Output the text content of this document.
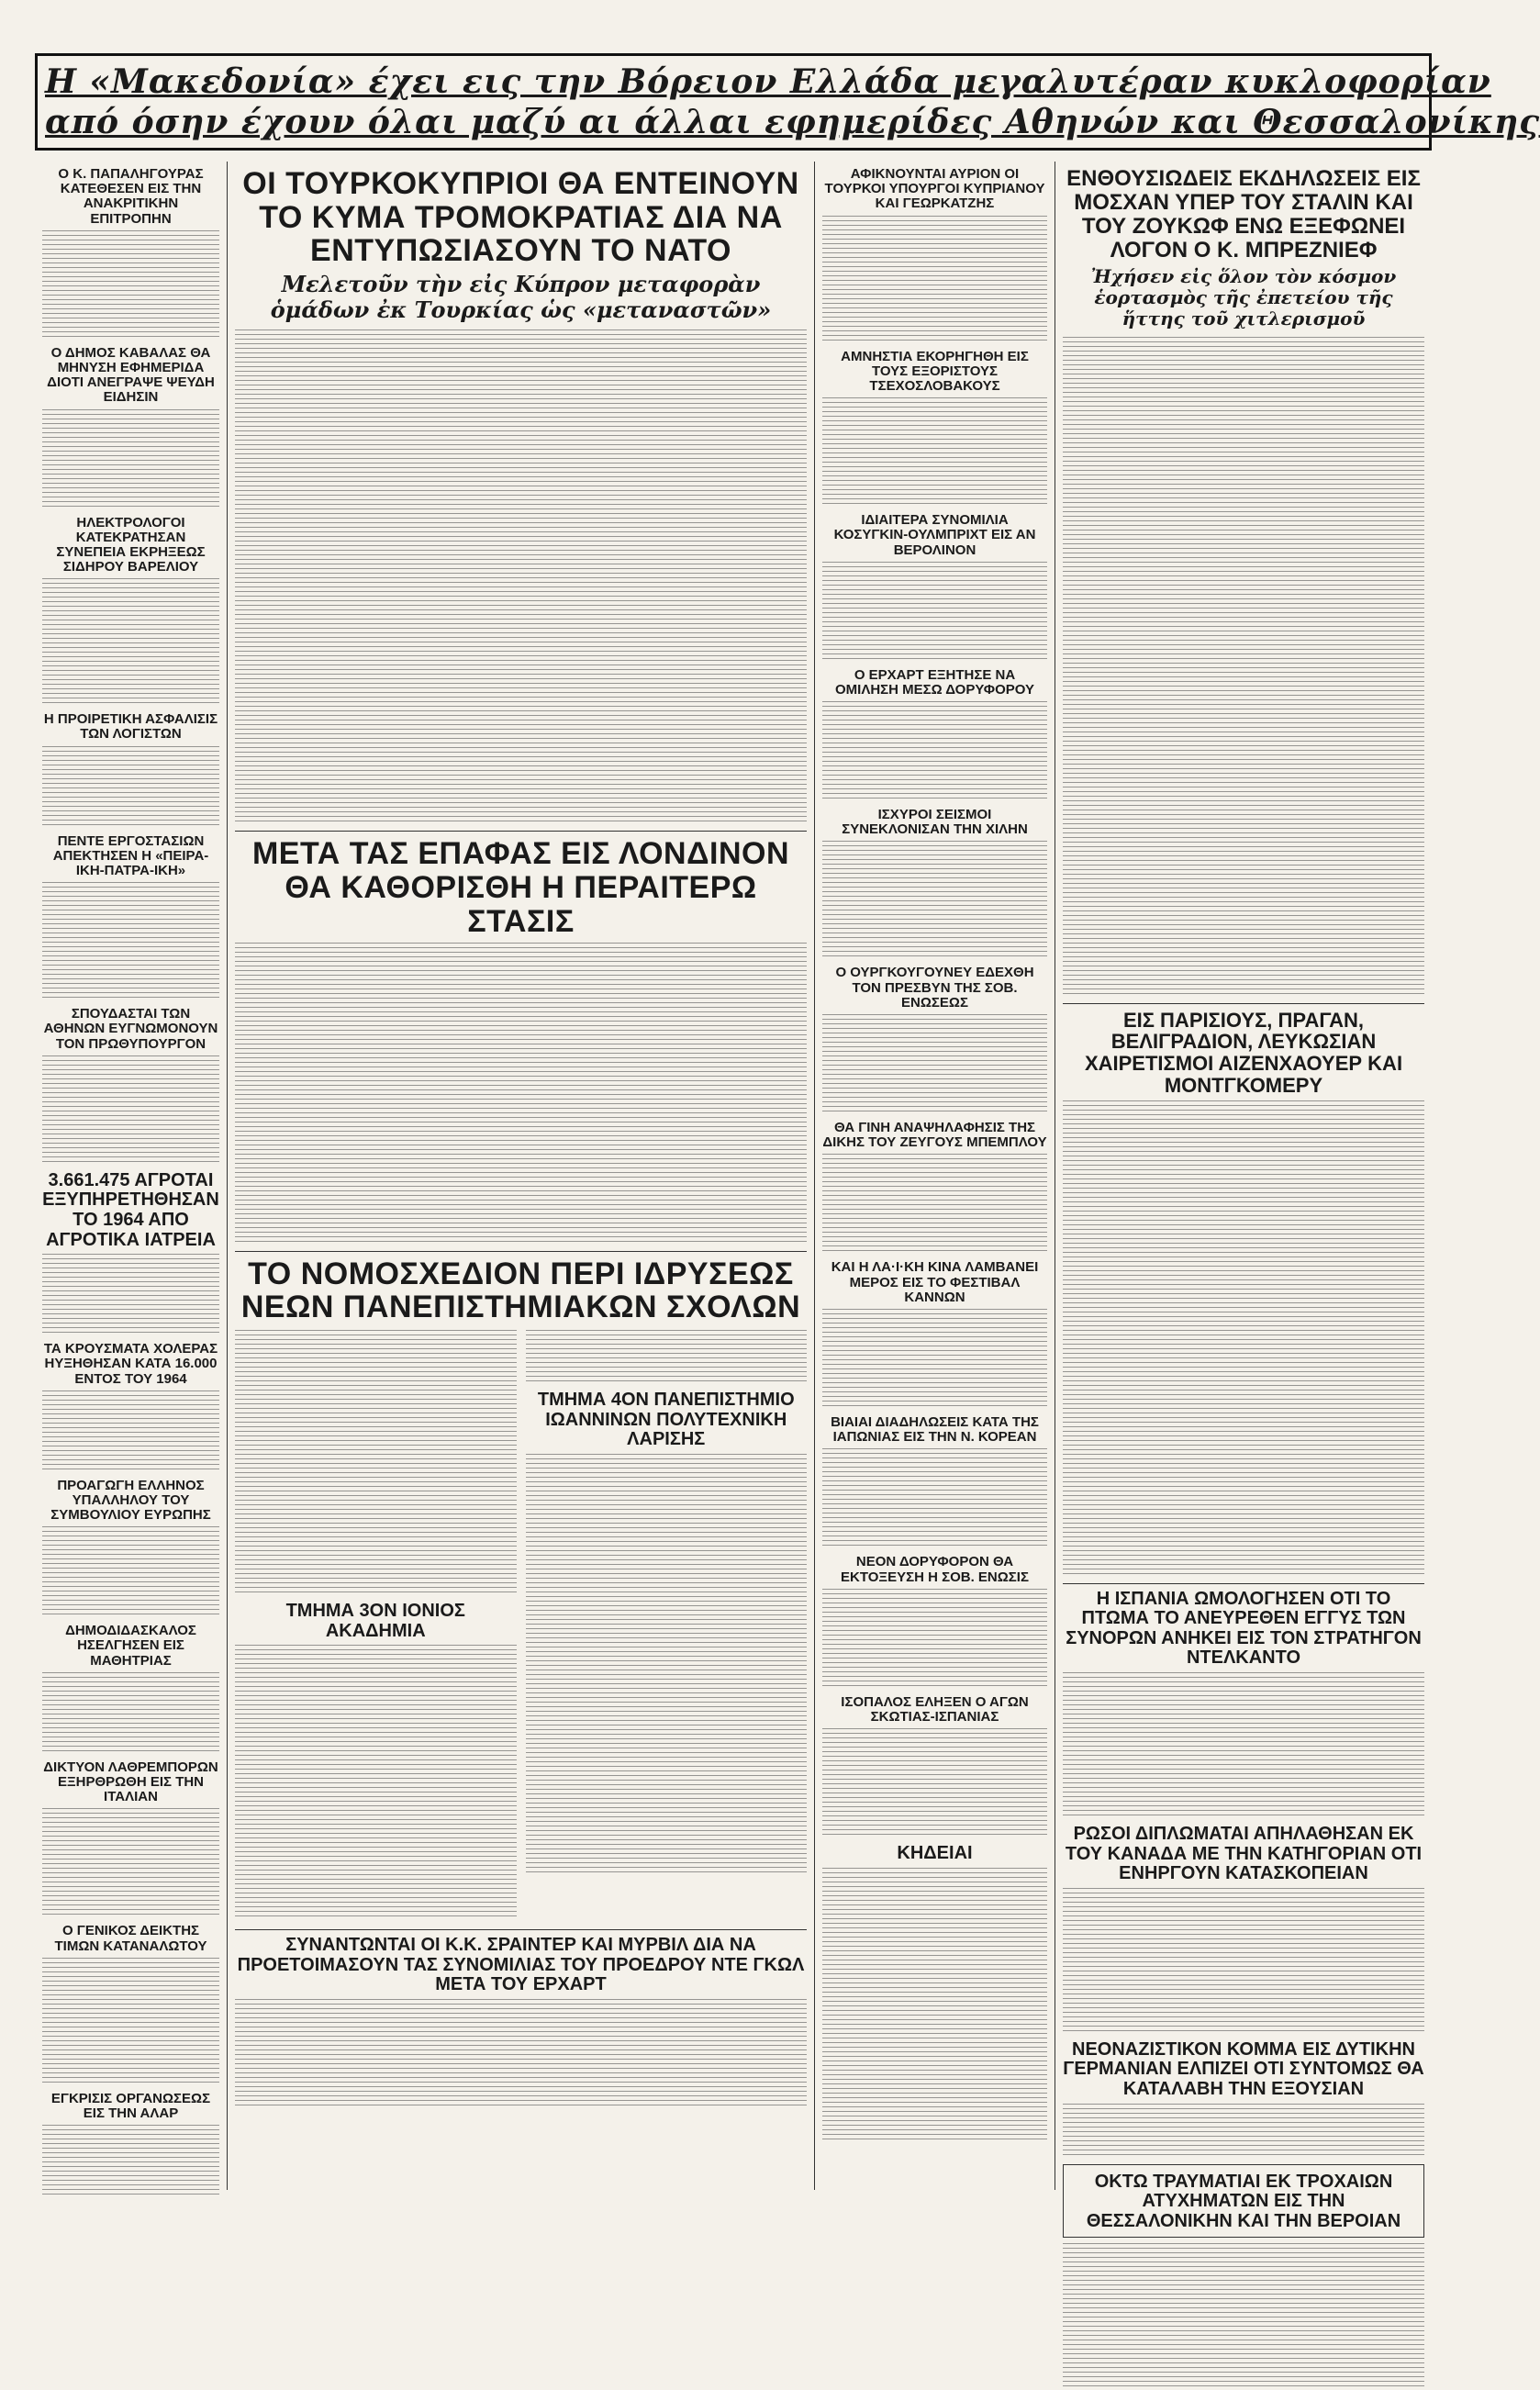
Η «Μακεδονία» έχει εις την Βόρειον Ελλάδα μεγαλυτέραν κυκλοφορίαν
από όσην έχουν όλαι μαζύ αι άλλαι εφημερίδες Αθηνών και Θεσσαλονίκης
Ο Κ. ΠΑΠΑΛΗΓΟΥΡΑΣ ΚΑΤΕΘΕΣΕΝ ΕΙΣ ΤΗΝ ΑΝΑΚΡΙΤΙΚΗΝ ΕΠΙΤΡΟΠΗΝ
Ο ΔΗΜΟΣ ΚΑΒΑΛΑΣ ΘΑ ΜΗΝΥΣΗ ΕΦΗΜΕΡΙΔΑ ΔΙΟΤΙ ΑΝΕΓΡΑΨΕ ΨΕΥΔΗ ΕΙΔΗΣΙΝ
ΗΛΕΚΤΡΟΛΟΓΟΙ ΚΑΤΕΚΡΑΤΗΣΑΝ ΣΥΝΕΠΕΙΑ ΕΚΡΗΞΕΩΣ ΣΙΔΗΡΟΥ ΒΑΡΕΛΙΟΥ
Η ΠΡΟΙΡΕΤΙΚΗ ΑΣΦΑΛΙΣΙΣ ΤΩΝ ΛΟΓΙΣΤΩΝ
ΠΕΝΤΕ ΕΡΓΟΣΤΑΣΙΩΝ ΑΠΕΚΤΗΣΕΝ Η «ΠΕΙΡΑ-ΙΚΗ-ΠΑΤΡΑ-ΙΚΗ»
ΣΠΟΥΔΑΣΤΑΙ ΤΩΝ ΑΘΗΝΩΝ ΕΥΓΝΩΜΟΝΟΥΝ ΤΟΝ ΠΡΩΘΥΠΟΥΡΓΟΝ
3.661.475 ΑΓΡΟΤΑΙ ΕΞΥΠΗΡΕΤΗΘΗΣΑΝ ΤΟ 1964 ΑΠΟ ΑΓΡΟΤΙΚΑ ΙΑΤΡΕΙΑ
ΤΑ ΚΡΟΥΣΜΑΤΑ ΧΟΛΕΡΑΣ ΗΥΞΗΘΗΣΑΝ ΚΑΤΑ 16.000 ΕΝΤΟΣ ΤΟΥ 1964
ΠΡΟΑΓΩΓΗ ΕΛΛΗΝΟΣ ΥΠΑΛΛΗΛΟΥ ΤΟΥ ΣΥΜΒΟΥΛΙΟΥ ΕΥΡΩΠΗΣ
ΔΗΜΟΔΙΔΑΣΚΑΛΟΣ ΗΣΕΛΓΗΣΕΝ ΕΙΣ ΜΑΘΗΤΡΙΑΣ
ΔΙΚΤΥΟΝ ΛΑΘΡΕΜΠΟΡΩΝ ΕΞΗΡΘΡΩΘΗ ΕΙΣ ΤΗΝ ΙΤΑΛΙΑΝ
Ο ΓΕΝΙΚΟΣ ΔΕΙΚΤΗΣ ΤΙΜΩΝ ΚΑΤΑΝΑΛΩΤΟΥ
ΕΓΚΡΙΣΙΣ ΟΡΓΑΝΩΣΕΩΣ ΕΙΣ ΤΗΝ ΑΛΑΡ
ΟΙ ΤΟΥΡΚΟΚΥΠΡΙΟΙ ΘΑ ΕΝΤΕΙΝΟΥΝ ΤΟ ΚΥΜΑ ΤΡΟΜΟΚΡΑΤΙΑΣ ΔΙΑ ΝΑ ΕΝΤΥΠΩΣΙΑΣΟΥΝ ΤΟ ΝΑΤΟ
Μελετοῦν τὴν εἰς Κύπρον μεταφορὰν ὁμάδων ἐκ Τουρκίας ὡς «μεταναστῶν»
ΜΕΤΑ ΤΑΣ ΕΠΑΦΑΣ ΕΙΣ ΛΟΝΔΙΝΟΝ ΘΑ ΚΑΘΟΡΙΣΘΗ Η ΠΕΡΑΙΤΕΡΩ ΣΤΑΣΙΣ
ΤΟ ΝΟΜΟΣΧΕΔΙΟΝ ΠΕΡΙ ΙΔΡΥΣΕΩΣ ΝΕΩΝ ΠΑΝΕΠΙΣΤΗΜΙΑΚΩΝ ΣΧΟΛΩΝ
ΤΜΗΜΑ 3ΟΝ ΙΟΝΙΟΣ ΑΚΑΔΗΜΙΑ
ΤΜΗΜΑ 4ΟΝ ΠΑΝΕΠΙΣΤΗΜΙΟ ΙΩΑΝΝΙΝΩΝ ΠΟΛΥΤΕΧΝΙΚΗ ΛΑΡΙΣΗΣ
ΣΥΝΑΝΤΩΝΤΑΙ ΟΙ Κ.Κ. ΣΡΑΙΝΤΕΡ ΚΑΙ ΜΥΡΒΙΛ ΔΙΑ ΝΑ ΠΡΟΕΤΟΙΜΑΣΟΥΝ ΤΑΣ ΣΥΝΟΜΙΛΙΑΣ ΤΟΥ ΠΡΟΕΔΡΟΥ ΝΤΕ ΓΚΩΛ ΜΕΤΑ ΤΟΥ ΕΡΧΑΡΤ
ΑΦΙΚΝΟΥΝΤΑΙ ΑΥΡΙΟΝ ΟΙ ΤΟΥΡΚΟΙ ΥΠΟΥΡΓΟΙ ΚΥΠΡΙΑΝΟΥ ΚΑΙ ΓΕΩΡΚΑΤΖΗΣ
ΑΜΝΗΣΤΙΑ ΕΚΟΡΗΓΗΘΗ ΕΙΣ ΤΟΥΣ ΕΞΟΡΙΣΤΟΥΣ ΤΣΕΧΟΣΛΟΒΑΚΟΥΣ
ΙΔΙΑΙΤΕΡΑ ΣΥΝΟΜΙΛΙΑ ΚΟΣΥΓΚΙΝ-ΟΥΛΜΠΡΙΧΤ ΕΙΣ ΑΝ ΒΕΡΟΛΙΝΟΝ
Ο ΕΡΧΑΡΤ ΕΞΗΤΗΣΕ ΝΑ ΟΜΙΛΗΣΗ ΜΕΣΩ ΔΟΡΥΦΟΡΟΥ
ΙΣΧΥΡΟΙ ΣΕΙΣΜΟΙ ΣΥΝΕΚΛΟΝΙΣΑΝ ΤΗΝ ΧΙΛΗΝ
Ο ΟΥΡΓΚΟΥΓΟΥΝΕΥ ΕΔΕΧΘΗ ΤΟΝ ΠΡΕΣΒΥΝ ΤΗΣ ΣΟΒ. ΕΝΩΣΕΩΣ
ΘΑ ΓΙΝΗ ΑΝΑΨΗΛΑΦΗΣΙΣ ΤΗΣ ΔΙΚΗΣ ΤΟΥ ΖΕΥΓΟΥΣ ΜΠΕΜΠΛΟΥ
ΚΑΙ Η ΛΑ·Ι·ΚΗ ΚΙΝΑ ΛΑΜΒΑΝΕΙ ΜΕΡΟΣ ΕΙΣ ΤΟ ΦΕΣΤΙΒΑΛ ΚΑΝΝΩΝ
ΒΙΑΙΑΙ ΔΙΑΔΗΛΩΣΕΙΣ ΚΑΤΑ ΤΗΣ ΙΑΠΩΝΙΑΣ ΕΙΣ ΤΗΝ Ν. ΚΟΡΕΑΝ
ΝΕΟΝ ΔΟΡΥΦΟΡΟΝ ΘΑ ΕΚΤΟΞΕΥΣΗ Η ΣΟΒ. ΕΝΩΣΙΣ
ΙΣΟΠΑΛΟΣ ΕΛΗΞΕΝ Ο ΑΓΩΝ ΣΚΩΤΙΑΣ-ΙΣΠΑΝΙΑΣ
ΚΗΔΕΙΑΙ
ΕΝΘΟΥΣΙΩΔΕΙΣ ΕΚΔΗΛΩΣΕΙΣ ΕΙΣ ΜΟΣΧΑΝ ΥΠΕΡ ΤΟΥ ΣΤΑΛΙΝ ΚΑΙ ΤΟΥ ΖΟΥΚΩΦ ΕΝΩ ΕΞΕΦΩΝΕΙ ΛΟΓΟΝ Ο Κ. ΜΠΡΕΖΝΙΕΦ
Ἠχήσεν εἰς ὅλον τὸν κόσμον ἑορτασμὸς τῆς ἐπετείου τῆς ἥττης τοῦ χιτλερισμοῦ
ΕΙΣ ΠΑΡΙΣΙΟΥΣ, ΠΡΑΓΑΝ, ΒΕΛΙΓΡΑΔΙΟΝ, ΛΕΥΚΩΣΙΑΝ ΧΑΙΡΕΤΙΣΜΟΙ ΑΙΖΕΝΧΑΟΥΕΡ ΚΑΙ ΜΟΝΤΓΚΟΜΕΡΥ
Η ΙΣΠΑΝΙΑ ΩΜΟΛΟΓΗΣΕΝ ΟΤΙ ΤΟ ΠΤΩΜΑ ΤΟ ΑΝΕΥΡΕΘΕΝ ΕΓΓΥΣ ΤΩΝ ΣΥΝΟΡΩΝ ΑΝΗΚΕΙ ΕΙΣ ΤΟΝ ΣΤΡΑΤΗΓΟΝ ΝΤΕΛΚΑΝΤΟ
ΡΩΣΟΙ ΔΙΠΛΩΜΑΤΑΙ ΑΠΗΛΑΘΗΣΑΝ ΕΚ ΤΟΥ ΚΑΝΑΔΑ ΜΕ ΤΗΝ ΚΑΤΗΓΟΡΙΑΝ ΟΤΙ ΕΝΗΡΓΟΥΝ ΚΑΤΑΣΚΟΠΕΙΑΝ
ΝΕΟΝΑΖΙΣΤΙΚΟΝ ΚΟΜΜΑ ΕΙΣ ΔΥΤΙΚΗΝ ΓΕΡΜΑΝΙΑΝ ΕΛΠΙΖΕΙ ΟΤΙ ΣΥΝΤΟΜΩΣ ΘΑ ΚΑΤΑΛΑΒΗ ΤΗΝ ΕΞΟΥΣΙΑΝ
ΟΚΤΩ ΤΡΑΥΜΑΤΙΑΙ ΕΚ ΤΡΟΧΑΙΩΝ ΑΤΥΧΗΜΑΤΩΝ ΕΙΣ ΤΗΝ ΘΕΣΣΑΛΟΝΙΚΗΝ ΚΑΙ ΤΗΝ ΒΕΡΟΙΑΝ
